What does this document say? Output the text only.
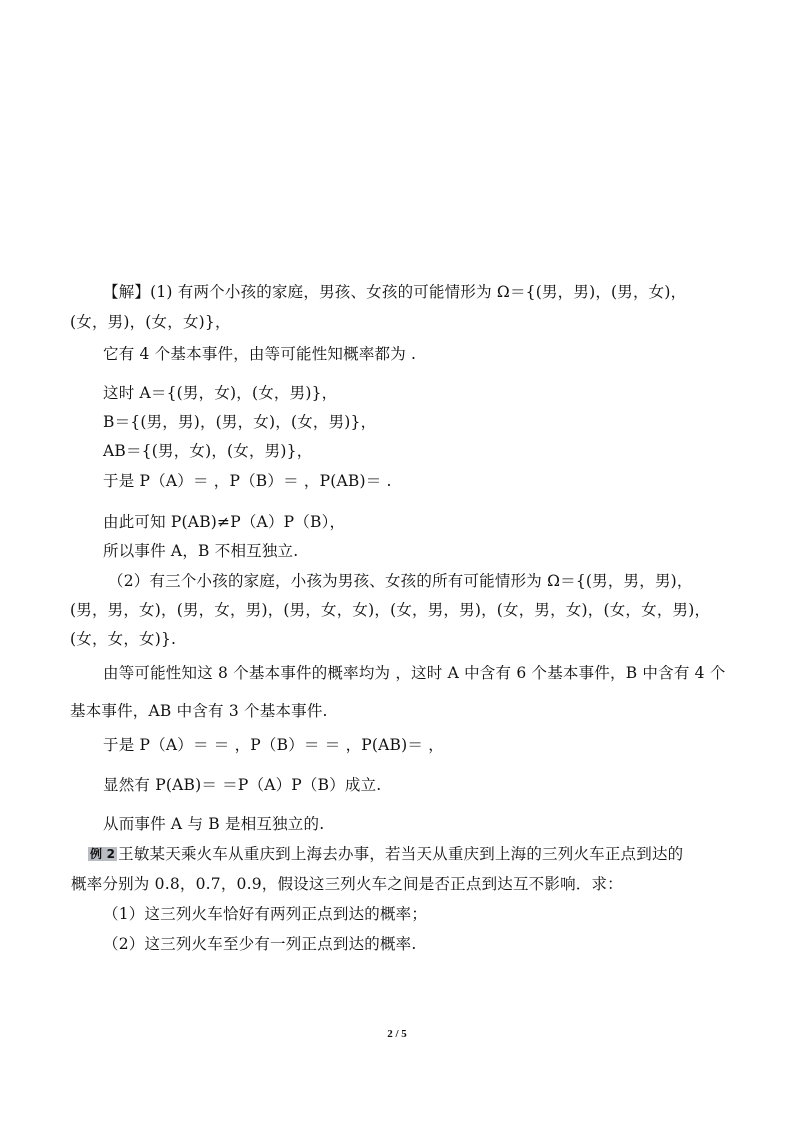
【解】(1) 有两个小孩的家庭，男孩、女孩的可能情形为 Ω＝{(男，男)，(男，女)，
(女，男)，(女，女)}，
它有 4 个基本事件，由等可能性知概率都为 .
这时 A＝{(男，女)，(女，男)}，
B＝{(男，男)，(男，女)，(女，男)}，
AB＝{(男，女)，(女，男)}，
于是 P（A）＝ ，P（B）＝ ，P(AB)＝ .
由此可知 P(AB)≠P（A）P（B），
所以事件 A，B 不相互独立.
（2）有三个小孩的家庭，小孩为男孩、女孩的所有可能情形为 Ω＝{(男，男，男)，
(男，男，女)，(男，女，男)，(男，女，女)，(女，男，男)，(女，男，女)，(女，女，男)，
(女，女，女)}.
由等可能性知这 8 个基本事件的概率均为 ，这时 A 中含有 6 个基本事件，B 中含有 4 个
基本事件，AB 中含有 3 个基本事件.
于是 P（A）＝ ＝ ，P（B）＝ ＝ ，P(AB)＝ ，
显然有 P(AB)＝ ＝P（A）P（B）成立.
从而事件 A 与 B 是相互独立的.
例 2 王敏某天乘火车从重庆到上海去办事，若当天从重庆到上海的三列火车正点到达的
概率分别为 0.8，0.7，0.9，假设这三列火车之间是否正点到达互不影响．求：
（1）这三列火车恰好有两列正点到达的概率；
（2）这三列火车至少有一列正点到达的概率.
2 / 5
